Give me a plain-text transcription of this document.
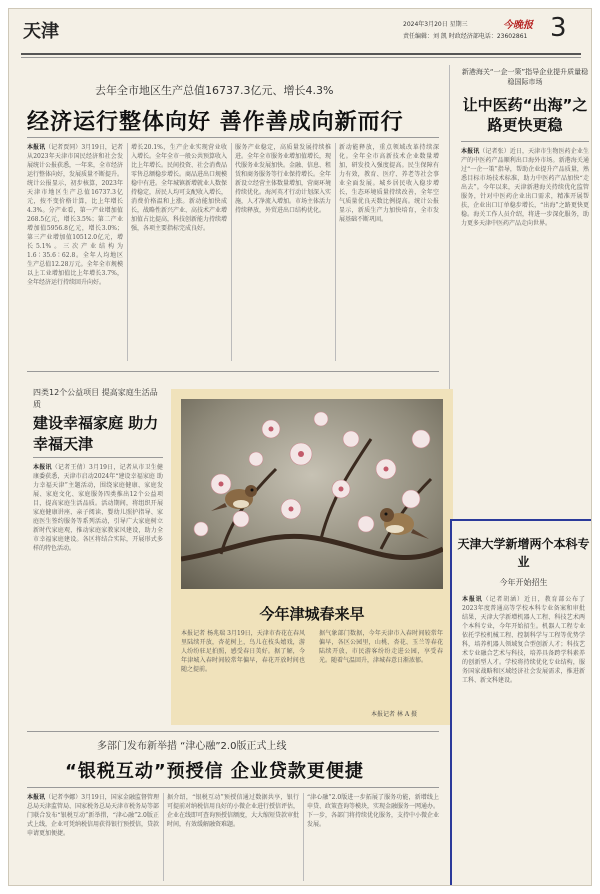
天津	2024年3月20日 星期三	今晚报
责任编辑：刘 凯 时政经济部电话：23602861 3
去年全市地区生产总值16737.3亿元、增长4.3%
经济运行整体向好 善作善成向新而行
本报讯（记者贾同）3月19日，记者从2023年天津市国民经济和社会发展统计公报获悉，一年来，全市经济运行整体向好，发展质量不断提升。统计公报显示，初步核算，2023年天津市地区生产总值16737.3亿元，按不变价格计算，比上年增长4.3%。分产业看，第一产业增加值268.5亿元，增长3.5%；第二产业增加值5956.8亿元，增长3.0%；第三产业增加值10512.0亿元，增长5.1%。三次产业结构为1.6∶35.6∶62.8。全年人均地区生产总值12.28万元。全年全市规模以上工业增加值比上年增长3.7%，全年经济运行持续回升向好。
增长20.1%，生产企业实现营业收入增长。全年全市一般公共预算收入比上年增长。民间投资、社会消费品零售总额稳步增长。商品进出口规模稳中有进。全年城镇新增就业人数保持稳定，居民人均可支配收入增长，消费价格温和上涨。新动能加快成长，战略性新兴产业、高技术产业增加值占比提高，科技创新能力持续增强，各项主要指标完成良好。
服务产业稳定，高质量发展持续推进。全年全市服务业增加值增长，现代服务业发展加快。金融、信息、租赁和商务服务等行业保持增长。全年新设立经营主体数量增加，营商环境持续优化。海河英才行动计划深入实施，人才净流入增加。市场主体活力持续释放，外贸进出口结构优化。
新动能释放，重点领域改革持续深化。全年全市高新技术企业数量增加，研发投入强度提高。民生保障有力有效，教育、医疗、养老等社会事业全面发展。城乡居民收入稳步增长，生态环境质量持续改善，全年空气质量优良天数比例提高。统计公报显示，新质生产力加快培育，全市发展基础不断巩固。
新港海关“一企一策”指导企业提升质量稳稳国际市场
让中医药“出海”之路更快更稳
本报讯（记者张）近日，天津市生物医药企业生产的中医药产品顺利出口海外市场。新港海关通过“一企一策”指导，帮助企业提升产品质量，熟悉目标市场技术标准，助力中医药产品加快“走出去”。今年以来，天津新港海关持续优化监管服务，针对中医药企业出口需求，精准开展帮扶，企业出口订单稳步增长，“出海”之路更快更稳。海关工作人员介绍，将进一步深化服务，助力更多天津中医药产品走向世界。
四类12个公益项目 提高家庭生活品质
建设幸福家庭 助力幸福天津
本报讯（记者王倩）3月19日，记者从市卫生健康委获悉，天津市启动2024年“建设幸福家庭 助力幸福天津”主题活动，围绕家庭健康、家庭发展、家庭文化、家庭服务四类推出12个公益项目，提高家庭生活品质。活动期间，将组织开展家庭健康讲座、亲子阅读、婴幼儿照护指导、家庭医生签约服务等系列活动，引导广大家庭树立新时代家庭观，推动家庭家教家风建设，助力全市幸福家庭建设。各区将结合实际，开展形式多样的特色活动。
今年津城春来早
本报记者 杨兆瑞 3月19日，天津市杏花在春风里陆续开放，杏花树上，鸟儿在枝头嬉戏，游人纷纷驻足拍照，感受春日美好。据了解，今年津城入春时间较常年偏早，春花开放时间也随之提前。
据气象部门数据，今年天津市入春时间较常年偏早，各区公园里，山桃、杏花、玉兰等春花陆续开放，市民游客纷纷走进公园，享受春光。随着气温回升，津城春意日渐浓郁。
本报记者 林 A 摄
天津大学新增两个本科专业
今年开始招生
本报讯（记者胡涵）近日，教育部公布了2023年度普通高等学校本科专业备案和审批结果，天津大学新增机器人工程、科技艺术两个本科专业，今年开始招生。机器人工程专业依托学校机械工程、控制科学与工程等优势学科，培养机器人领域复合型创新人才；科技艺术专业融合艺术与科技，培养具备跨学科素养的创新型人才。学校将持续优化专业结构，服务国家战略和区域经济社会发展需求，推进新工科、新文科建设。
多部门发布新举措 “津心融”2.0版正式上线
“银税互动”预授信 企业贷款更便捷
本报讯（记者李娜）3月19日，国家金融监督管理总局天津监管局、国家税务总局天津市税务局等部门联合发布“银税互动”新举措，“津心融”2.0版正式上线，企业可凭纳税信用获得银行预授信，贷款申请更加便捷。
据介绍，“银税互动”预授信通过数据共享，银行可提前对纳税信用良好的小微企业进行授信评估，企业在线即可查询预授信额度，大大缩短贷款审批时间，有效缓解融资难题。
“津心融”2.0版进一步拓展了服务功能，新增线上申贷、政策查询等模块，实现金融服务一网通办。下一步，各部门将持续优化服务，支持中小微企业发展。
